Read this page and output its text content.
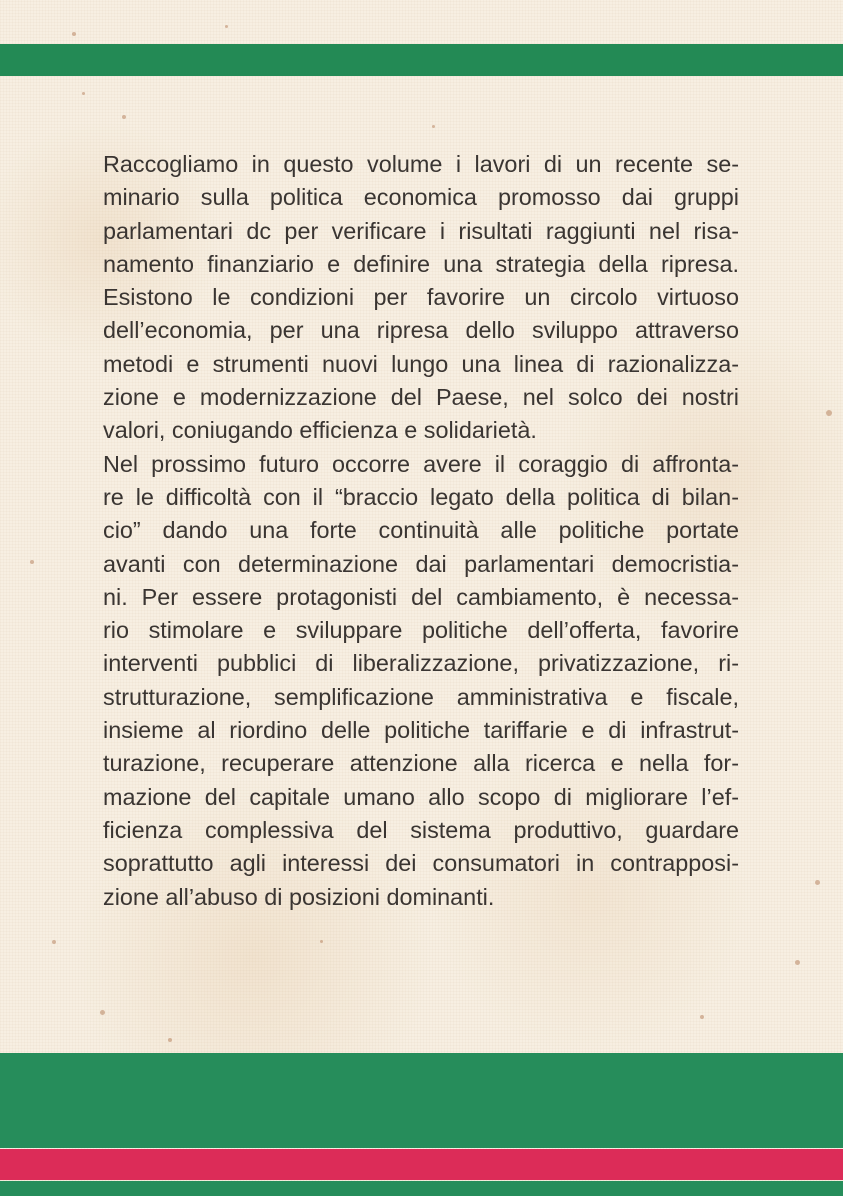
Raccogliamo in questo volume i lavori di un recente se-
minario sulla politica economica promosso dai gruppi
parlamentari dc per verificare i risultati raggiunti nel risa-
namento finanziario e definire una strategia della ripresa.
Esistono le condizioni per favorire un circolo virtuoso
dell’economia, per una ripresa dello sviluppo attraverso
metodi e strumenti nuovi lungo una linea di razionalizza-
zione e modernizzazione del Paese, nel solco dei nostri
valori, coniugando efficienza e solidarietà.
Nel prossimo futuro occorre avere il coraggio di affronta-
re le difficoltà con il “braccio legato della politica di bilan-
cio” dando una forte continuità alle politiche portate
avanti con determinazione dai parlamentari democristia-
ni. Per essere protagonisti del cambiamento, è necessa-
rio stimolare e sviluppare politiche dell’offerta, favorire
interventi pubblici di liberalizzazione, privatizzazione, ri-
strutturazione, semplificazione amministrativa e fiscale,
insieme al riordino delle politiche tariffarie e di infrastrut-
turazione, recuperare attenzione alla ricerca e nella for-
mazione del capitale umano allo scopo di migliorare l’ef-
ficienza complessiva del sistema produttivo, guardare
soprattutto agli interessi dei consumatori in contrapposi-
zione all’abuso di posizioni dominanti.
